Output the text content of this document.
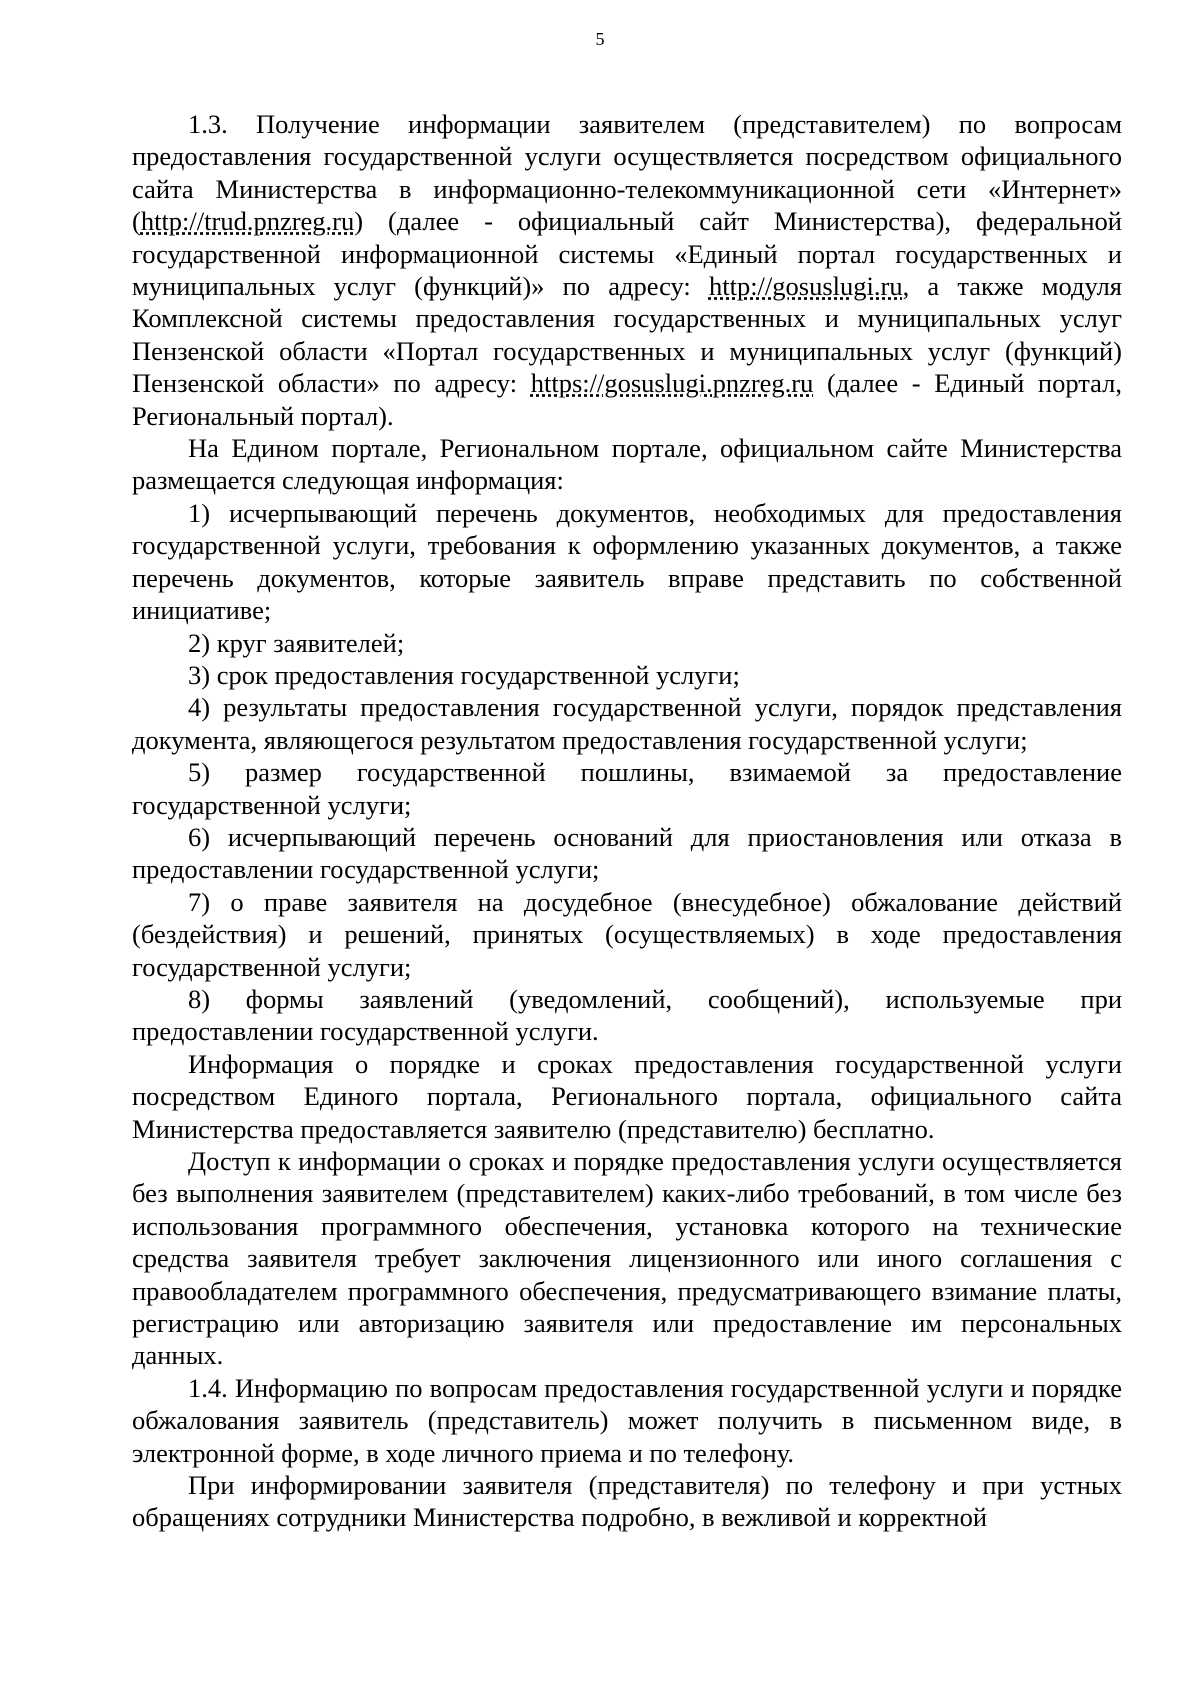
5

1.3. Получение информации заявителем (представителем) по вопросам предоставления государственной услуги осуществляется посредством официального сайта Министерства в информационно-телекоммуникационной сети «Интернет» (http://trud.pnzreg.ru) (далее - официальный сайт Министерства), федеральной государственной информационной системы «Единый портал государственных и муниципальных услуг (функций)» по адресу: http://gosuslugi.ru, а также модуля Комплексной системы предоставления государственных и муниципальных услуг Пензенской области «Портал государственных и муниципальных услуг (функций) Пензенской области» по адресу: https://gosuslugi.pnzreg.ru (далее - Единый портал, Региональный портал).

На Едином портале, Региональном портале, официальном сайте Министерства размещается следующая информация:

1) исчерпывающий перечень документов, необходимых для предоставления государственной услуги, требования к оформлению указанных документов, а также перечень документов, которые заявитель вправе представить по собственной инициативе;

2) круг заявителей;

3) срок предоставления государственной услуги;

4) результаты предоставления государственной услуги, порядок представления документа, являющегося результатом предоставления государственной услуги;

5) размер государственной пошлины, взимаемой за предоставление государственной услуги;

6) исчерпывающий перечень оснований для приостановления или отказа в предоставлении государственной услуги;

7) о праве заявителя на досудебное (внесудебное) обжалование действий (бездействия) и решений, принятых (осуществляемых) в ходе предоставления государственной услуги;

8) формы заявлений (уведомлений, сообщений), используемые при предоставлении государственной услуги.

Информация о порядке и сроках предоставления государственной услуги посредством Единого портала, Регионального портала, официального сайта Министерства предоставляется заявителю (представителю) бесплатно.

Доступ к информации о сроках и порядке предоставления услуги осуществляется без выполнения заявителем (представителем) каких-либо требований, в том числе без использования программного обеспечения, установка которого на технические средства заявителя требует заключения лицензионного или иного соглашения с правообладателем программного обеспечения, предусматривающего взимание платы, регистрацию или авторизацию заявителя или предоставление им персональных данных.

1.4. Информацию по вопросам предоставления государственной услуги и порядке обжалования заявитель (представитель) может получить в письменном виде, в электронной форме, в ходе личного приема и по телефону.

При информировании заявителя (представителя) по телефону и при устных обращениях сотрудники Министерства подробно, в вежливой и корректной
